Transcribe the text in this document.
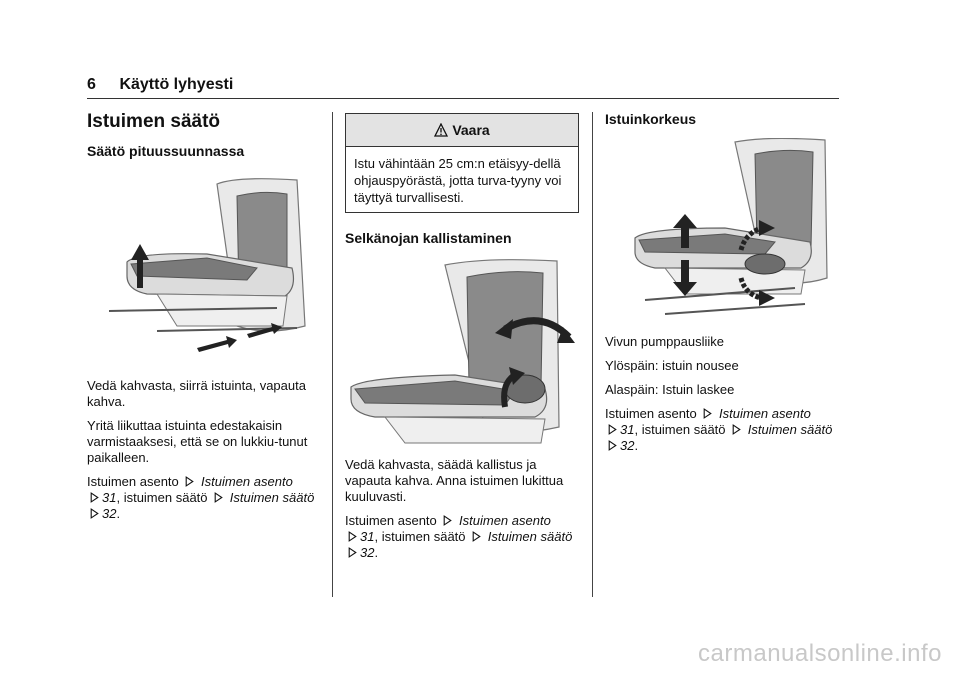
6 Käyttö lyhyesti
Istuimen säätö
Säätö pituussuunnassa

Vedä kahvasta, siirrä istuinta, vapauta kahva.

Yritä liikuttaa istuinta edestakaisin varmistaaksesi, että se on lukkiu-tunut paikalleen.

Istuimen asento Istuimen asento
31, istuimen säätö Istuimen säätö 32.

Vaara
Istu vähintään 25 cm:n etäisyy-dellä ohjauspyörästä, jotta turva-tyyny voi täyttyä turvallisesti.
Selkänojan kallistaminen

Vedä kahvasta, säädä kallistus ja vapauta kahva. Anna istuimen lukittua kuuluvasti.

Istuimen asento Istuimen asento
31, istuimen säätö Istuimen säätö 32.

Istuinkorkeus

Vivun pumppausliike

Ylöspäin: istuin nousee

Alaspäin: Istuin laskee

Istuimen asento Istuimen asento
31, istuimen säätö Istuimen säätö 32.

carmanualsonline.info
